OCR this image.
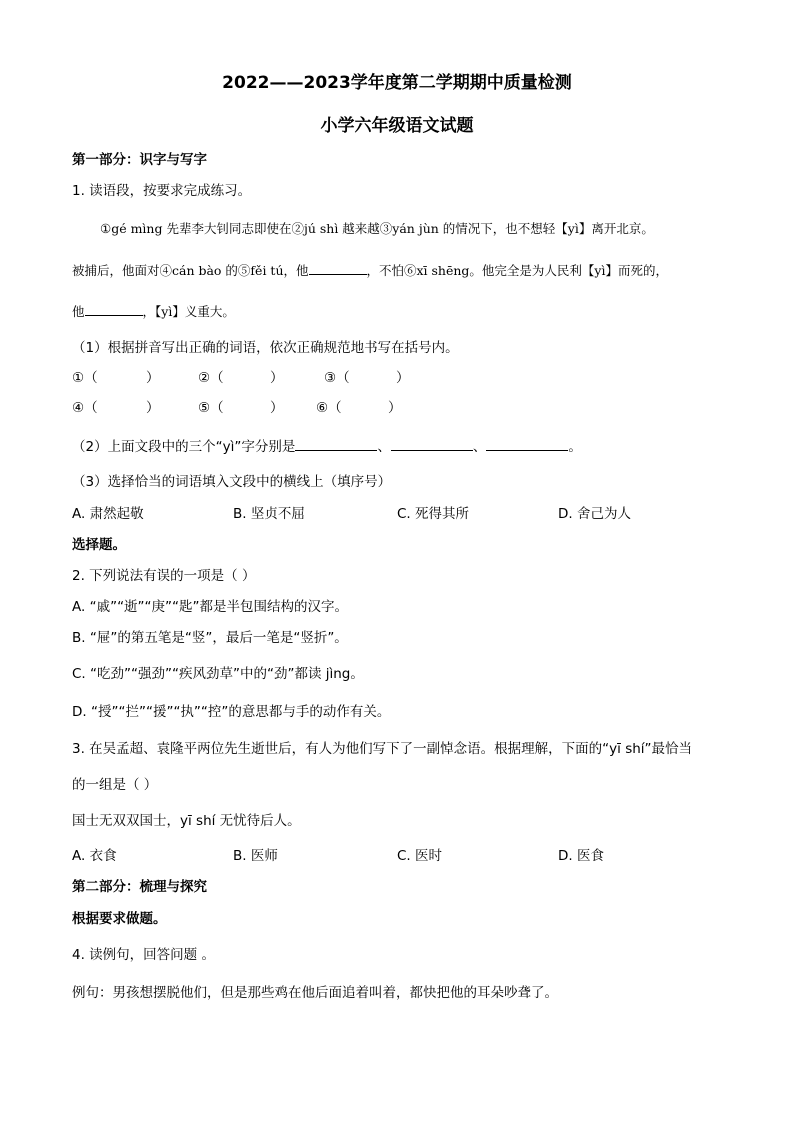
2022——2023学年度第二学期期中质量检测
小学六年级语文试题
第一部分：识字与写字
1. 读语段，按要求完成练习。
①gé mìng 先辈李大钊同志即使在②jú shì 越来越③yán jùn 的情况下，也不想轻【yì】离开北京。
被捕后，他面对④cán bào 的⑤fěi tú，他	，不怕⑥xī shēng。他完全是为人民利【yì】而死的，
他	，【yì】义重大。
（1）根据拼音写出正确的词语，依次正确规范地书写在括号内。
①（	）	②（	）	③（	）
④（	）	⑤（	） ⑥（	）
（2）上面文段中的三个“yì”字分别是	、	、	。
（3）选择恰当的词语填入文段中的横线上（填序号）
A. 肃然起敬	B. 坚贞不屈	C. 死得其所	D. 舍己为人
选择题。
2. 下列说法有误的一项是（ ）
A. “戚”“逝”“庚”“匙”都是半包围结构的汉字。
B. “屉”的第五笔是“竖”，最后一笔是“竖折”。
C. “吃劲”“强劲”“疾风劲草”中的“劲”都读 jìng。
D. “授”“拦”“援”“执”“控”的意思都与手的动作有关。
3. 在吴孟超、袁隆平两位先生逝世后，有人为他们写下了一副悼念语。根据理解，下面的“yī shí”最恰当
的一组是（ ）
国士无双双国士，yī shí 无忧待后人。
A. 衣食	B. 医师	C. 医时	D. 医食
第二部分：梳理与探究
根据要求做题。
4. 读例句，回答问题 。
例句：男孩想摆脱他们，但是那些鸡在他后面追着叫着，都快把他的耳朵吵聋了。
